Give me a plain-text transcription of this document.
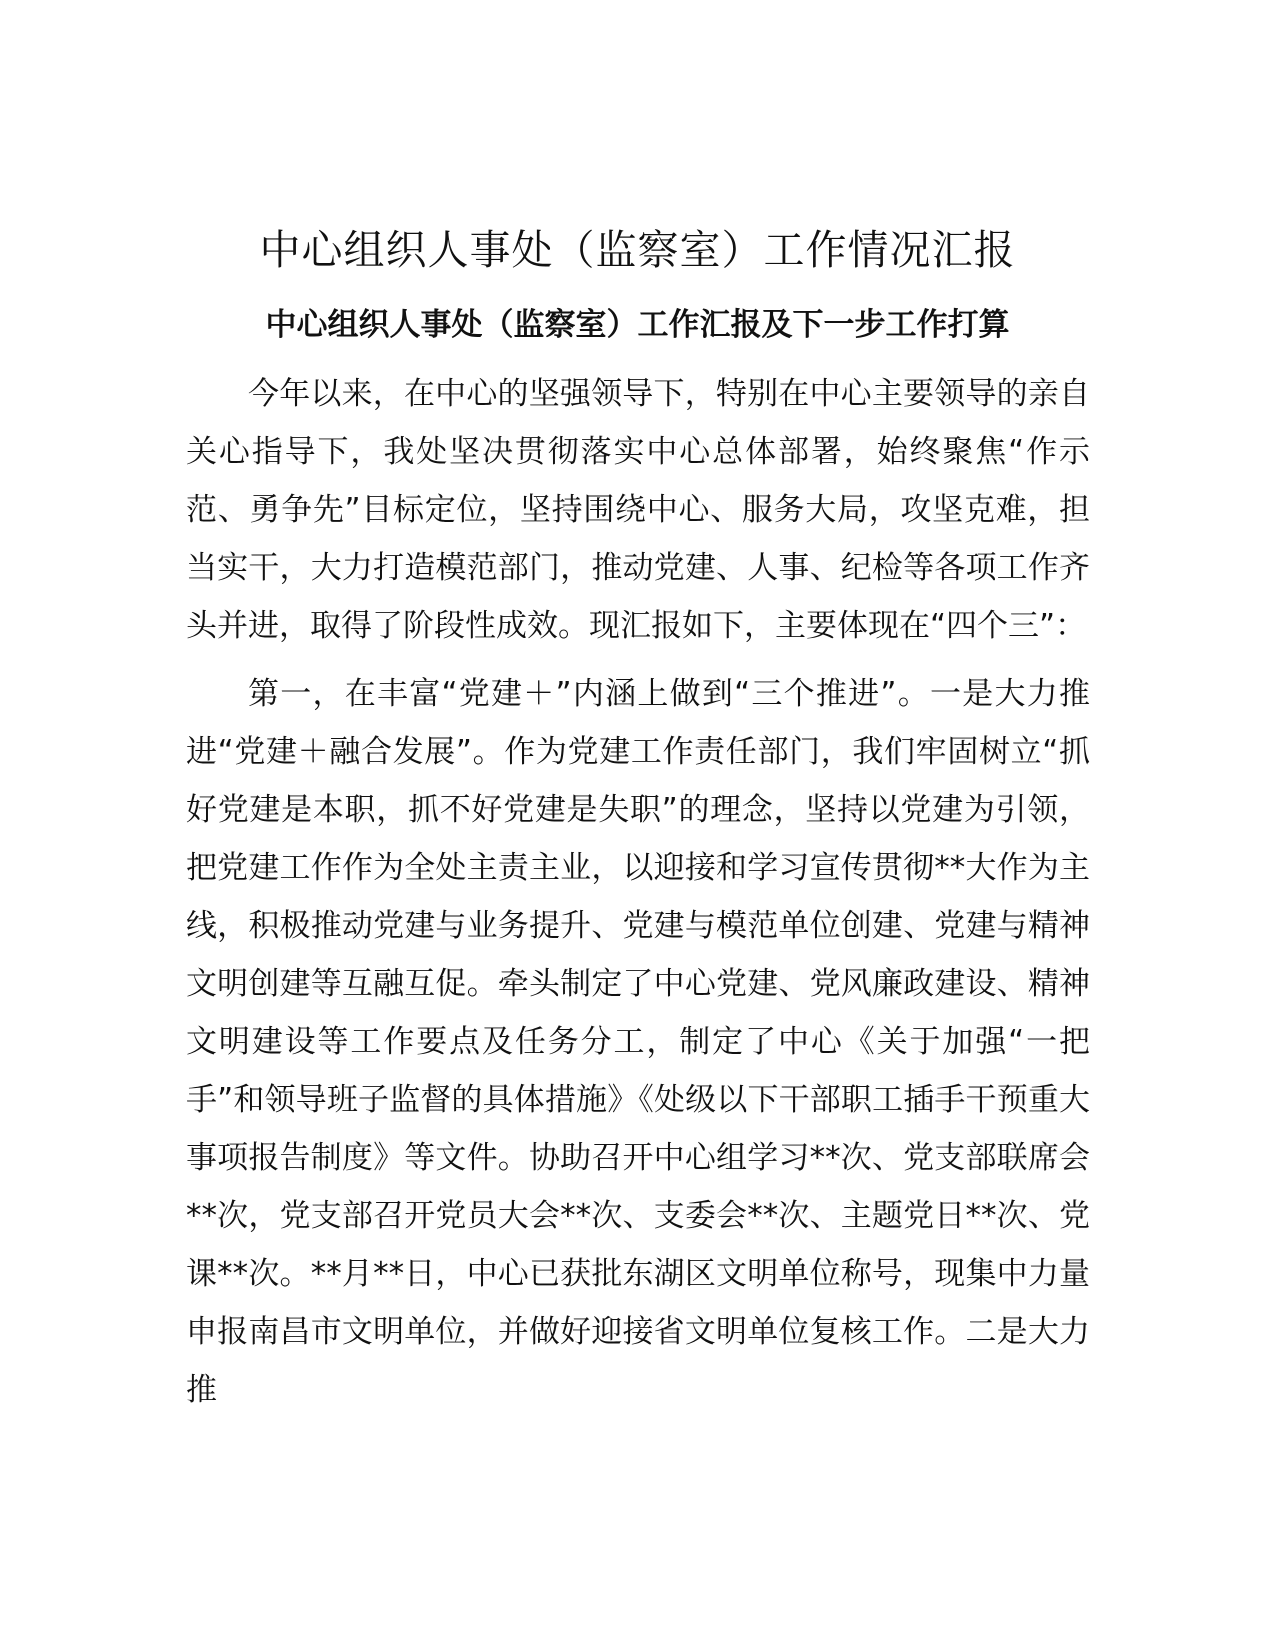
中心组织人事处（监察室）工作情况汇报
中心组织人事处（监察室）工作汇报及下一步工作打算

今年以来，在中心的坚强领导下，特别在中心主要领导的亲自关心指导下，我处坚决贯彻落实中心总体部署，始终聚焦“作示范、勇争先”目标定位，坚持围绕中心、服务大局，攻坚克难，担当实干，大力打造模范部门，推动党建、人事、纪检等各项工作齐头并进，取得了阶段性成效。现汇报如下，主要体现在“四个三”：

第一，在丰富“党建＋”内涵上做到“三个推进”。一是大力推进“党建＋融合发展”。作为党建工作责任部门，我们牢固树立“抓好党建是本职，抓不好党建是失职”的理念，坚持以党建为引领，把党建工作作为全处主责主业，以迎接和学习宣传贯彻**大作为主线，积极推动党建与业务提升、党建与模范单位创建、党建与精神文明创建等互融互促。牵头制定了中心党建、党风廉政建设、精神文明建设等工作要点及任务分工，制定了中心《关于加强“一把手”和领导班子监督的具体措施》《处级以下干部职工插手干预重大事项报告制度》等文件。协助召开中心组学习**次、党支部联席会**次，党支部召开党员大会**次、支委会**次、主题党日**次、党课**次。**月**日，中心已获批东湖区文明单位称号，现集中力量申报南昌市文明单位，并做好迎接省文明单位复核工作。二是大力推
